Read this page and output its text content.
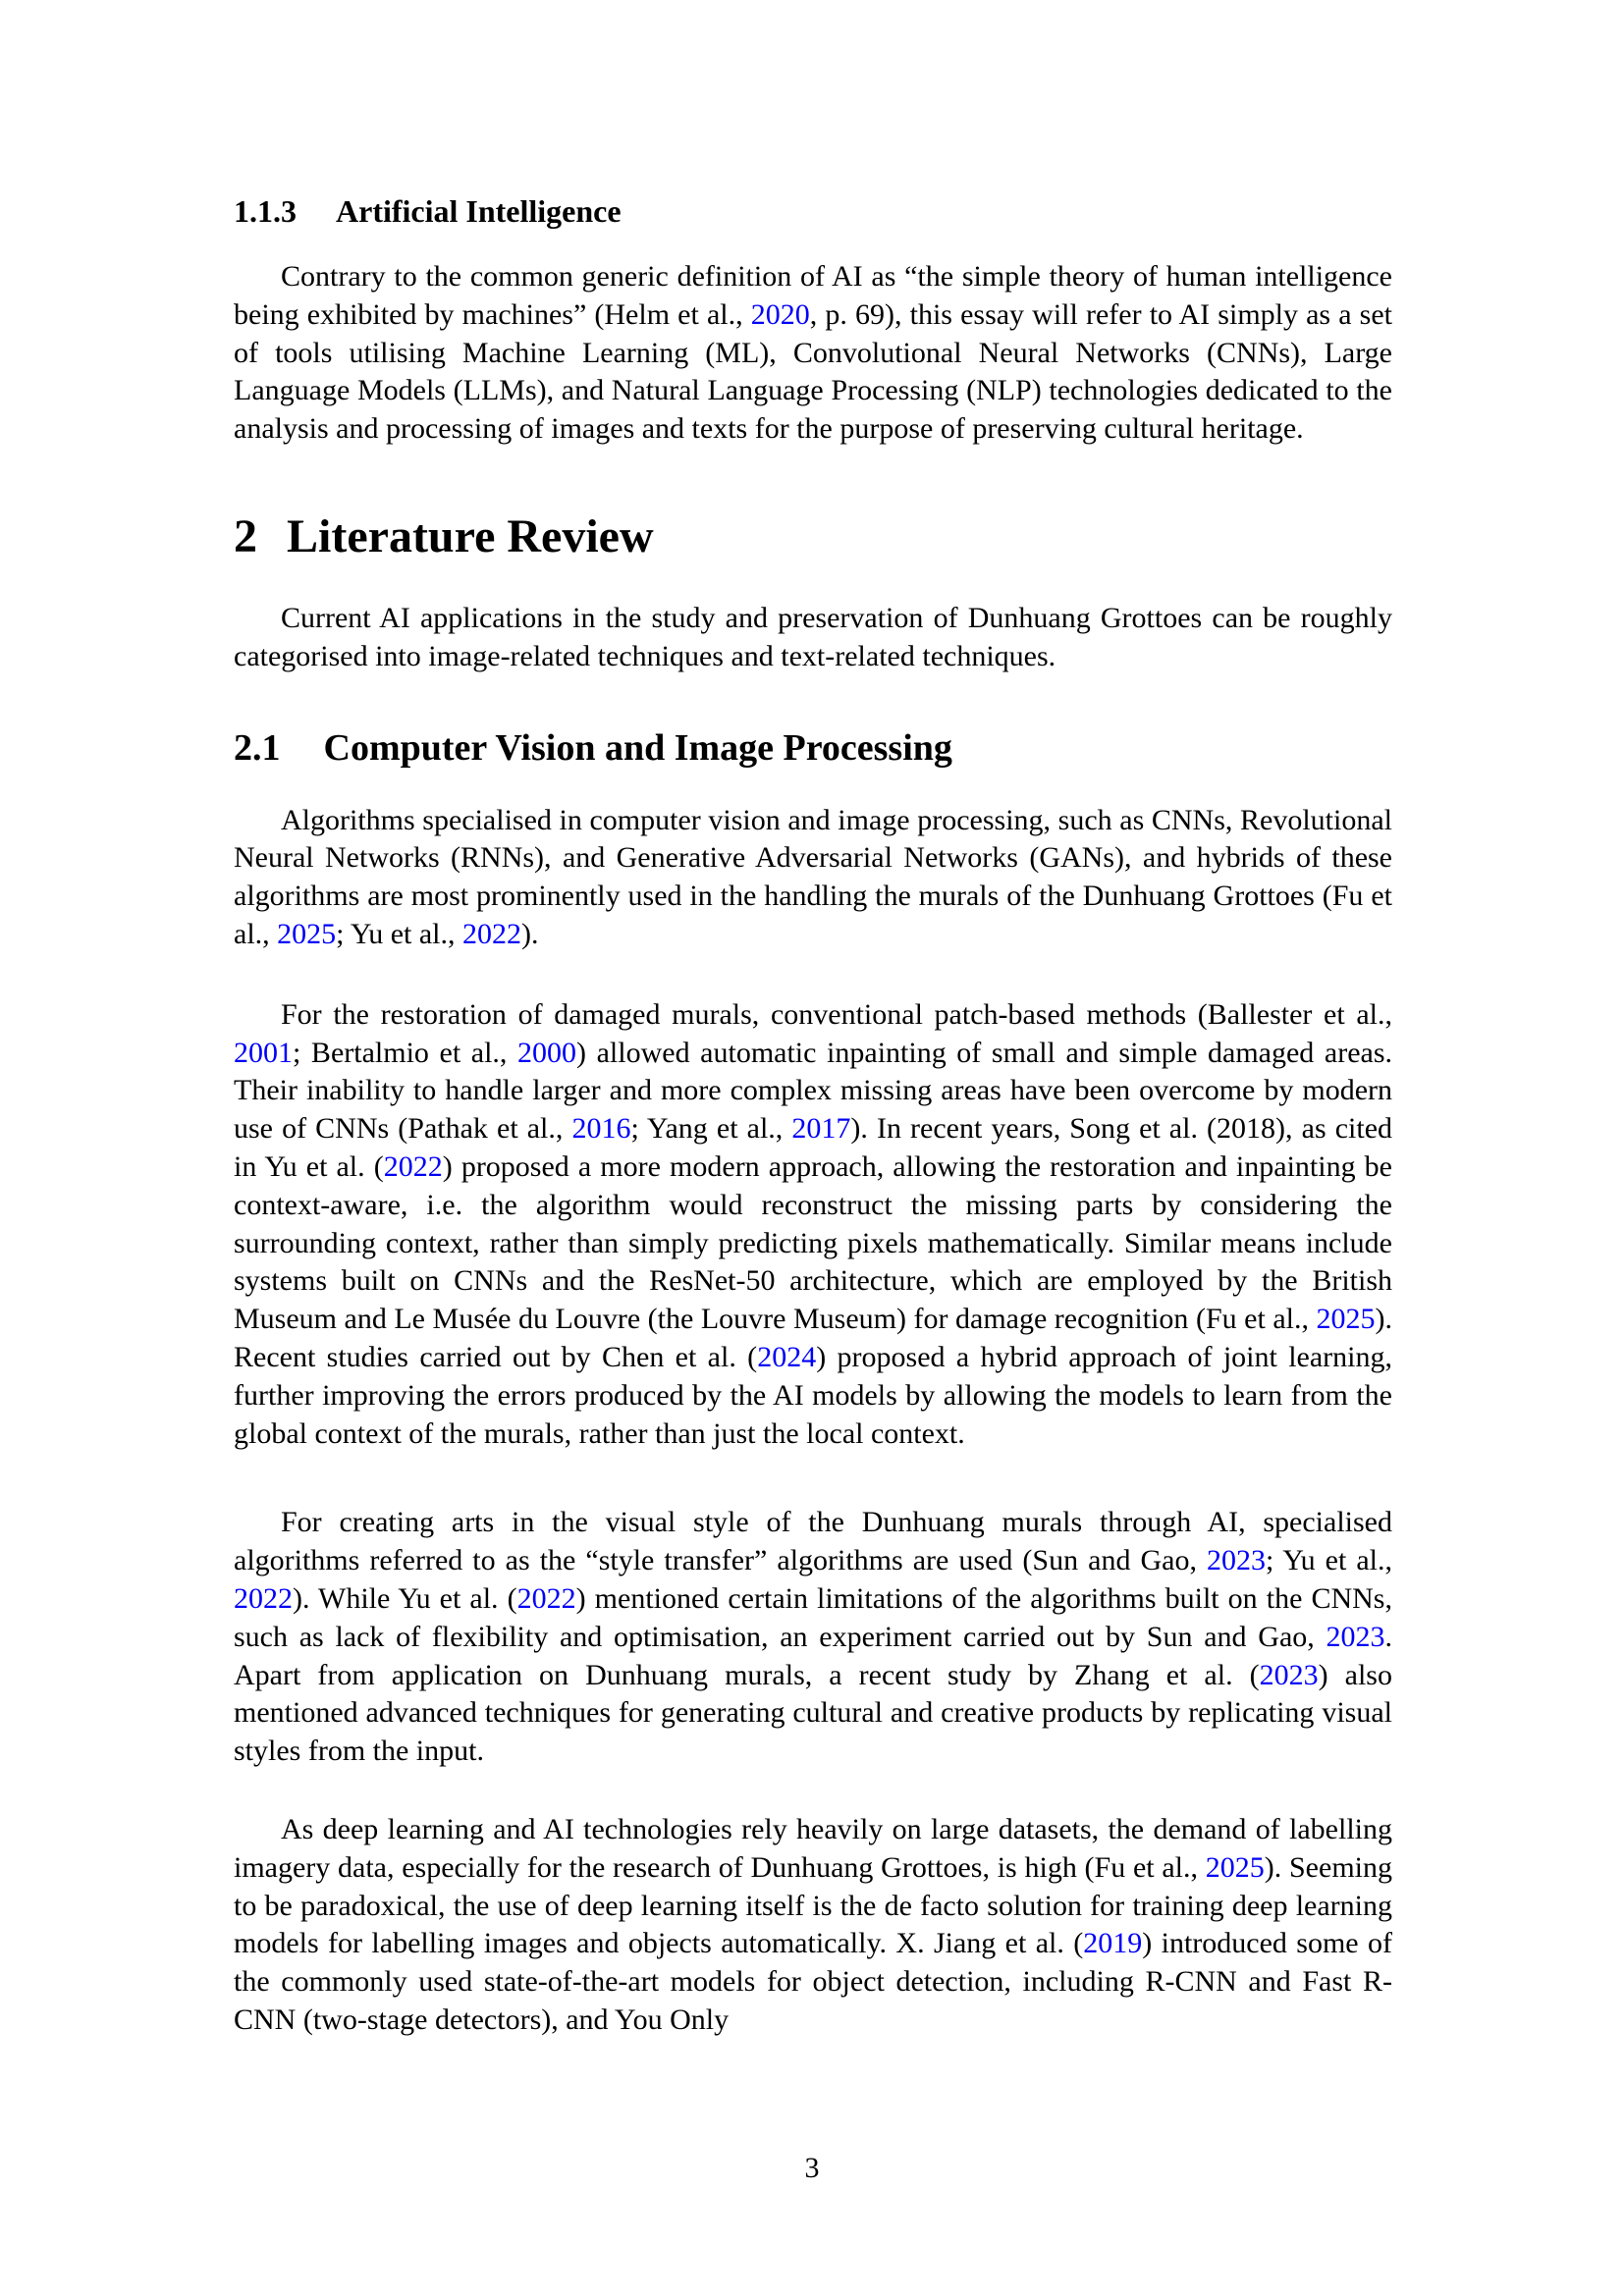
1.1.3 Artificial Intelligence

Contrary to the common generic definition of AI as “the simple theory of human intelligence being exhibited by machines” (Helm et al., 2020, p. 69), this essay will refer to AI simply as a set of tools utilising Machine Learning (ML), Convolutional Neural Networks (CNNs), Large Language Models (LLMs), and Natural Language Processing (NLP) technologies dedicated to the analysis and processing of images and texts for the purpose of preserving cultural heritage.

2 Literature Review

Current AI applications in the study and preservation of Dunhuang Grottoes can be roughly categorised into image-related techniques and text-related techniques.

2.1 Computer Vision and Image Processing

Algorithms specialised in computer vision and image processing, such as CNNs, Revolutional Neural Networks (RNNs), and Generative Adversarial Networks (GANs), and hybrids of these algorithms are most prominently used in the handling the murals of the Dunhuang Grottoes (Fu et al., 2025; Yu et al., 2022).

For the restoration of damaged murals, conventional patch-based methods (Ballester et al., 2001; Bertalmio et al., 2000) allowed automatic inpainting of small and simple damaged areas. Their inability to handle larger and more complex missing areas have been overcome by modern use of CNNs (Pathak et al., 2016; Yang et al., 2017). In recent years, Song et al. (2018), as cited in Yu et al. (2022) proposed a more modern approach, allowing the restoration and inpainting be context-aware, i.e. the algorithm would reconstruct the missing parts by considering the surrounding context, rather than simply predicting pixels mathematically. Similar means include systems built on CNNs and the ResNet-50 architecture, which are employed by the British Museum and Le Musée du Louvre (the Louvre Museum) for damage recognition (Fu et al., 2025). Recent studies carried out by Chen et al. (2024) proposed a hybrid approach of joint learning, further improving the errors produced by the AI models by allowing the models to learn from the global context of the murals, rather than just the local context.

For creating arts in the visual style of the Dunhuang murals through AI, specialised algorithms referred to as the “style transfer” algorithms are used (Sun and Gao, 2023; Yu et al., 2022). While Yu et al. (2022) mentioned certain limitations of the algorithms built on the CNNs, such as lack of flexibility and optimisation, an experiment carried out by Sun and Gao, 2023. Apart from application on Dunhuang murals, a recent study by Zhang et al. (2023) also mentioned advanced techniques for generating cultural and creative products by replicating visual styles from the input.

As deep learning and AI technologies rely heavily on large datasets, the demand of labelling imagery data, especially for the research of Dunhuang Grottoes, is high (Fu et al., 2025). Seeming to be paradoxical, the use of deep learning itself is the de facto solution for training deep learning models for labelling images and objects automatically. X. Jiang et al. (2019) introduced some of the commonly used state-of-the-art models for object detection, including R-CNN and Fast R-CNN (two-stage detectors), and You Only

3
